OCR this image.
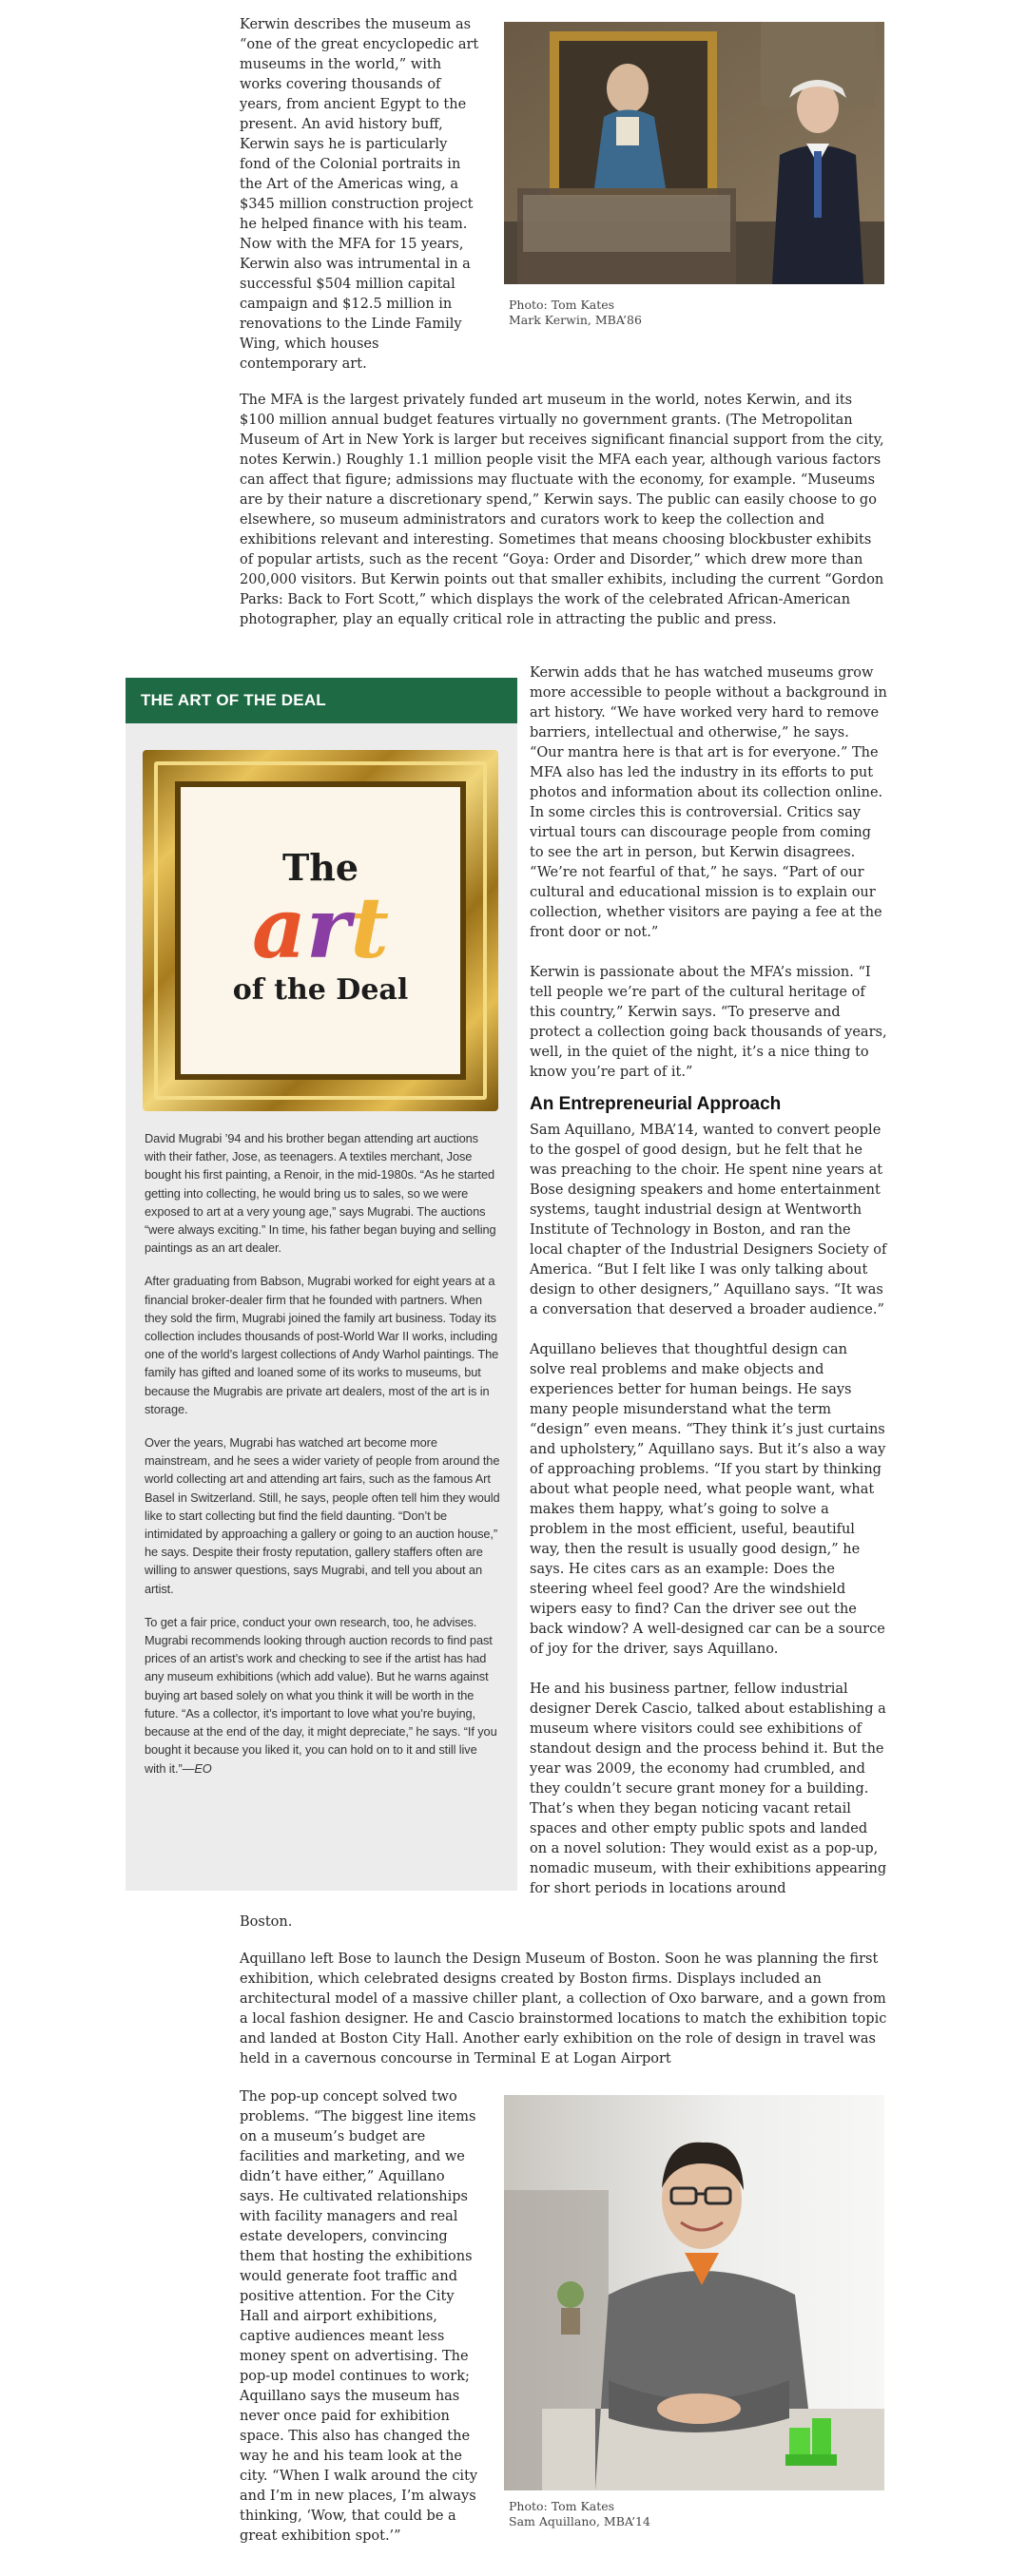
Kerwin describes the museum as “one of the great encyclopedic art museums in the world,” with works covering thousands of years, from ancient Egypt to the present. An avid history buff, Kerwin says he is particularly fond of the Colonial portraits in the Art of the Americas wing, a $345 million construction project he helped finance with his team. Now with the MFA for 15 years, Kerwin also was intrumental in a successful $504 million capital campaign and $12.5 million in renovations to the Linde Family Wing, which houses contemporary art.

Photo: Tom Kates

Mark Kerwin, MBA’86

The MFA is the largest privately funded art museum in the world, notes Kerwin, and its $100 million annual budget features virtually no government grants. (The Metropolitan Museum of Art in New York is larger but receives significant financial support from the city, notes Kerwin.) Roughly 1.1 million people visit the MFA each year, although various factors can affect that figure; admissions may fluctuate with the economy, for example. “Museums are by their nature a discretionary spend,” Kerwin says. The public can easily choose to go elsewhere, so museum administrators and curators work to keep the collection and exhibitions relevant and interesting. Sometimes that means choosing blockbuster exhibits of popular artists, such as the recent “Goya: Order and Disorder,” which drew more than 200,000 visitors. But Kerwin points out that smaller exhibits, including the current “Gordon Parks: Back to Fort Scott,” which displays the work of the celebrated African-American photographer, play an equally critical role in attracting the public and press.

THE ART OF THE DEAL
The
art
of the Deal

David Mugrabi ’94 and his brother began attending art auctions with their father, Jose, as teenagers. A textiles merchant, Jose bought his first painting, a Renoir, in the mid-1980s. “As he started getting into collecting, he would bring us to sales, so we were exposed to art at a very young age,” says Mugrabi. The auctions “were always exciting.” In time, his father began buying and selling paintings as an art dealer.

After graduating from Babson, Mugrabi worked for eight years at a financial broker-dealer firm that he founded with partners. When they sold the firm, Mugrabi joined the family art business. Today its collection includes thousands of post-World War II works, including one of the world’s largest collections of Andy Warhol paintings. The family has gifted and loaned some of its works to museums, but because the Mugrabis are private art dealers, most of the art is in storage.

Over the years, Mugrabi has watched art become more mainstream, and he sees a wider variety of people from around the world collecting art and attending art fairs, such as the famous Art Basel in Switzerland. Still, he says, people often tell him they would like to start collecting but find the field daunting. “Don’t be intimidated by approaching a gallery or going to an auction house,” he says. Despite their frosty reputation, gallery staffers often are willing to answer questions, says Mugrabi, and tell you about an artist.

To get a fair price, conduct your own research, too, he advises. Mugrabi recommends looking through auction records to find past prices of an artist’s work and checking to see if the artist has had any museum exhibitions (which add value). But he warns against buying art based solely on what you think it will be worth in the future. “As a collector, it’s important to love what you’re buying, because at the end of the day, it might depreciate,” he says. “If you bought it because you liked it, you can hold on to it and still live with it.”—EO

Kerwin adds that he has watched museums grow more accessible to people without a background in art history. “We have worked very hard to remove barriers, intellectual and otherwise,” he says. “Our mantra here is that art is for everyone.” The MFA also has led the industry in its efforts to put photos and information about its collection online. In some circles this is controversial. Critics say virtual tours can discourage people from coming to see the art in person, but Kerwin disagrees. “We’re not fearful of that,” he says. “Part of our cultural and educational mission is to explain our collection, whether visitors are paying a fee at the front door or not.”

Kerwin is passionate about the MFA’s mission. “I tell people we’re part of the cultural heritage of this country,” Kerwin says. “To preserve and protect a collection going back thousands of years, well, in the quiet of the night, it’s a nice thing to know you’re part of it.”

An Entrepreneurial Approach

Sam Aquillano, MBA’14, wanted to convert people to the gospel of good design, but he felt that he was preaching to the choir. He spent nine years at Bose designing speakers and home entertainment systems, taught industrial design at Wentworth Institute of Technology in Boston, and ran the local chapter of the Industrial Designers Society of America. “But I felt like I was only talking about design to other designers,” Aquillano says. “It was a conversation that deserved a broader audience.”

Aquillano believes that thoughtful design can solve real problems and make objects and experiences better for human beings. He says many people misunderstand what the term “design” even means. “They think it’s just curtains and upholstery,” Aquillano says. But it’s also a way of approaching problems. “If you start by thinking about what people need, what people want, what makes them happy, what’s going to solve a problem in the most efficient, useful, beautiful way, then the result is usually good design,” he says. He cites cars as an example: Does the steering wheel feel good? Are the windshield wipers easy to find? Can the driver see out the back window? A well-designed car can be a source of joy for the driver, says Aquillano.

He and his business partner, fellow industrial designer Derek Cascio, talked about establishing a museum where visitors could see exhibitions of standout design and the process behind it. But the year was 2009, the economy had crumbled, and they couldn’t secure grant money for a building. That’s when they began noticing vacant retail spaces and other empty public spots and landed on a novel solution: They would exist as a pop-up, nomadic museum, with their exhibitions appearing for short periods in locations around

Boston.

Aquillano left Bose to launch the Design Museum of Boston. Soon he was planning the first exhibition, which celebrated designs created by Boston firms. Displays included an architectural model of a massive chiller plant, a collection of Oxo barware, and a gown from a local fashion designer. He and Cascio brainstormed locations to match the exhibition topic and landed at Boston City Hall. Another early exhibition on the role of design in travel was held in a cavernous concourse in Terminal E at Logan Airport

The pop-up concept solved two problems. “The biggest line items on a museum’s budget are facilities and marketing, and we didn’t have either,” Aquillano says. He cultivated relationships with facility managers and real estate developers, convincing them that hosting the exhibitions would generate foot traffic and positive attention. For the City Hall and airport exhibitions, captive audiences meant less money spent on advertising. The pop-up model continues to work; Aquillano says the museum has never once paid for exhibition space. This also has changed the way he and his team look at the city. “When I walk around the city and I’m in new places, I’m always thinking, ‘Wow, that could be a great exhibition spot.’”

Photo: Tom Kates

Sam Aquillano, MBA’14
